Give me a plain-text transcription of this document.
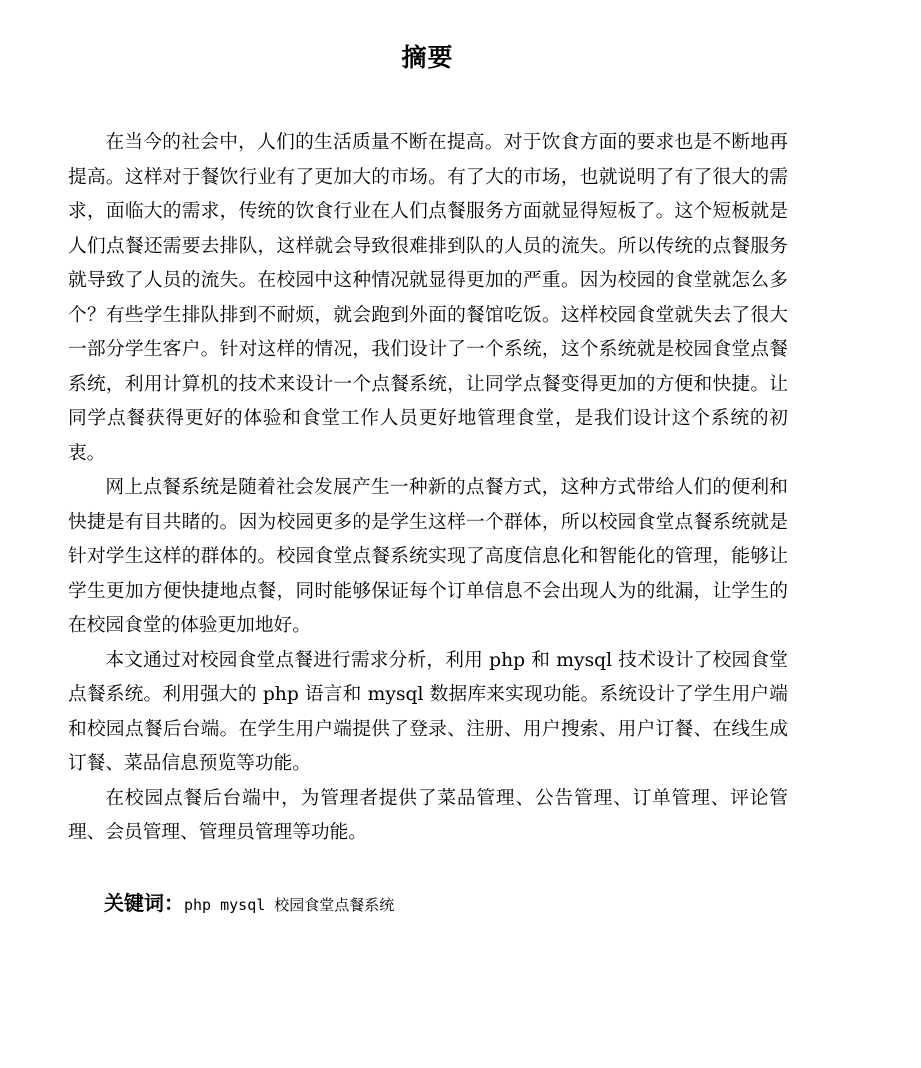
摘要

在当今的社会中，人们的生活质量不断在提高。对于饮食方面的要求也是不断地再提高。这样对于餐饮行业有了更加大的市场。有了大的市场，也就说明了有了很大的需求，面临大的需求，传统的饮食行业在人们点餐服务方面就显得短板了。这个短板就是人们点餐还需要去排队，这样就会导致很难排到队的人员的流失。所以传统的点餐服务就导致了人员的流失。在校园中这种情况就显得更加的严重。因为校园的食堂就怎么多个？有些学生排队排到不耐烦，就会跑到外面的餐馆吃饭。这样校园食堂就失去了很大一部分学生客户。针对这样的情况，我们设计了一个系统，这个系统就是校园食堂点餐系统，利用计算机的技术来设计一个点餐系统，让同学点餐变得更加的方便和快捷。让同学点餐获得更好的体验和食堂工作人员更好地管理食堂，是我们设计这个系统的初衷。

网上点餐系统是随着社会发展产生一种新的点餐方式，这种方式带给人们的便利和快捷是有目共睹的。因为校园更多的是学生这样一个群体，所以校园食堂点餐系统就是针对学生这样的群体的。校园食堂点餐系统实现了高度信息化和智能化的管理，能够让学生更加方便快捷地点餐，同时能够保证每个订单信息不会出现人为的纰漏，让学生的在校园食堂的体验更加地好。

本文通过对校园食堂点餐进行需求分析，利用 php 和 mysql 技术设计了校园食堂点餐系统。利用强大的 php 语言和 mysql 数据库来实现功能。系统设计了学生用户端和校园点餐后台端。在学生用户端提供了登录、注册、用户搜索、用户订餐、在线生成订餐、菜品信息预览等功能。

在校园点餐后台端中，为管理者提供了菜品管理、公告管理、订单管理、评论管理、会员管理、管理员管理等功能。

关键词：php mysql 校园食堂点餐系统
